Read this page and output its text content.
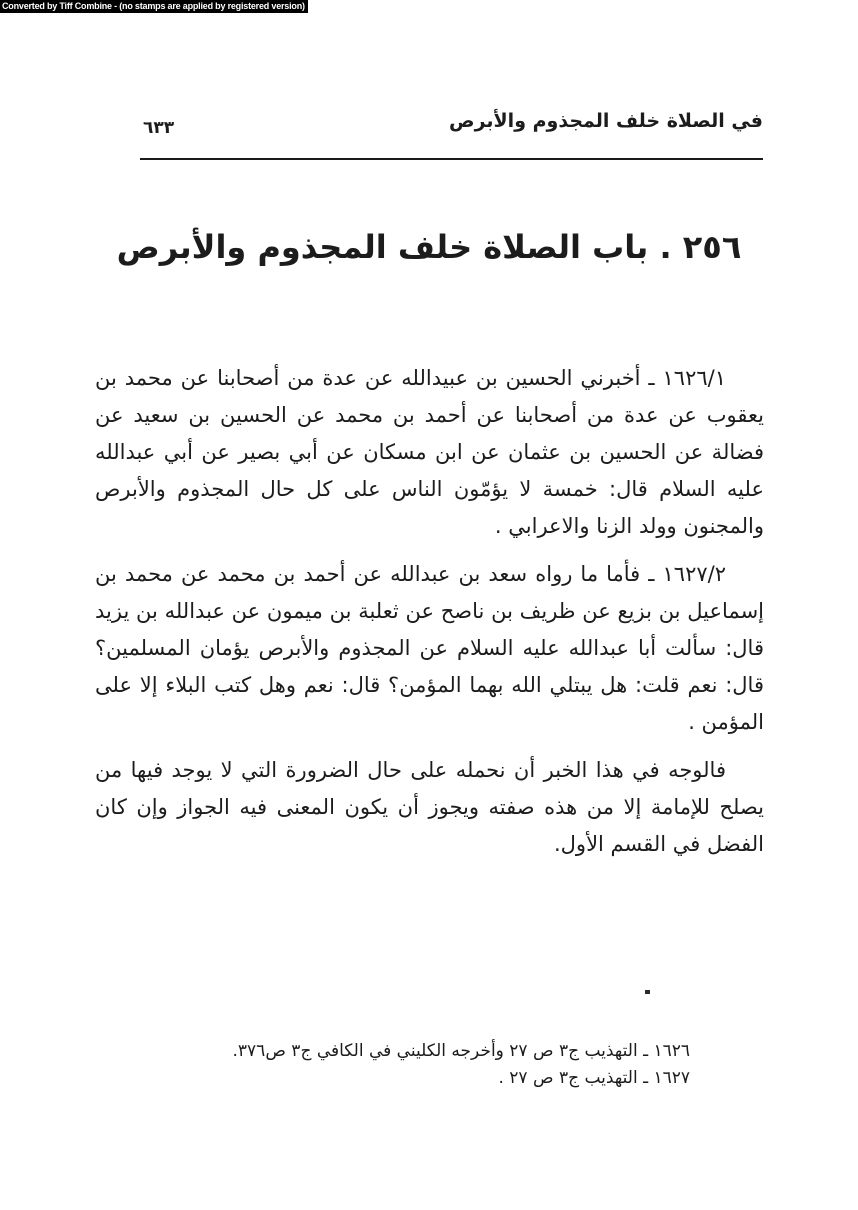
Converted by Tiff Combine - (no stamps are applied by registered version)
٦٣٣	في الصلاة خلف المجذوم والأبرص
٢٥٦ . باب الصلاة خلف المجذوم والأبرص

١٦٢٦/١ ـ أخبرني الحسين بن عبيدالله عن عدة من أصحابنا عن محمد بن يعقوب عن عدة من أصحابنا عن أحمد بن محمد عن الحسين بن سعيد عن فضالة عن الحسين بن عثمان عن ابن مسكان عن أبي بصير عن أبي عبدالله عليه السلام قال: خمسة لا يؤمّون الناس على كل حال المجذوم والأبرص والمجنون وولد الزنا والاعرابي .

١٦٢٧/٢ ـ فأما ما رواه سعد بن عبدالله عن أحمد بن محمد عن محمد بن إسماعيل بن بزيع عن ظريف بن ناصح عن ثعلبة بن ميمون عن عبدالله بن يزيد قال: سألت أبا عبدالله عليه السلام عن المجذوم والأبرص يؤمان المسلمين؟ قال: نعم قلت: هل يبتلي الله بهما المؤمن؟ قال: نعم وهل كتب البلاء إلا على المؤمن .

فالوجه في هذا الخبر أن نحمله على حال الضرورة التي لا يوجد فيها من يصلح للإمامة إلا من هذه صفته ويجوز أن يكون المعنى فيه الجواز وإن كان الفضل في القسم الأول.

١٦٢٦ ـ التهذيب ج٣ ص ٢٧ وأخرجه الكليني في الكافي ج٣ ص٣٧٦.
١٦٢٧ ـ التهذيب ج٣ ص ٢٧ .
